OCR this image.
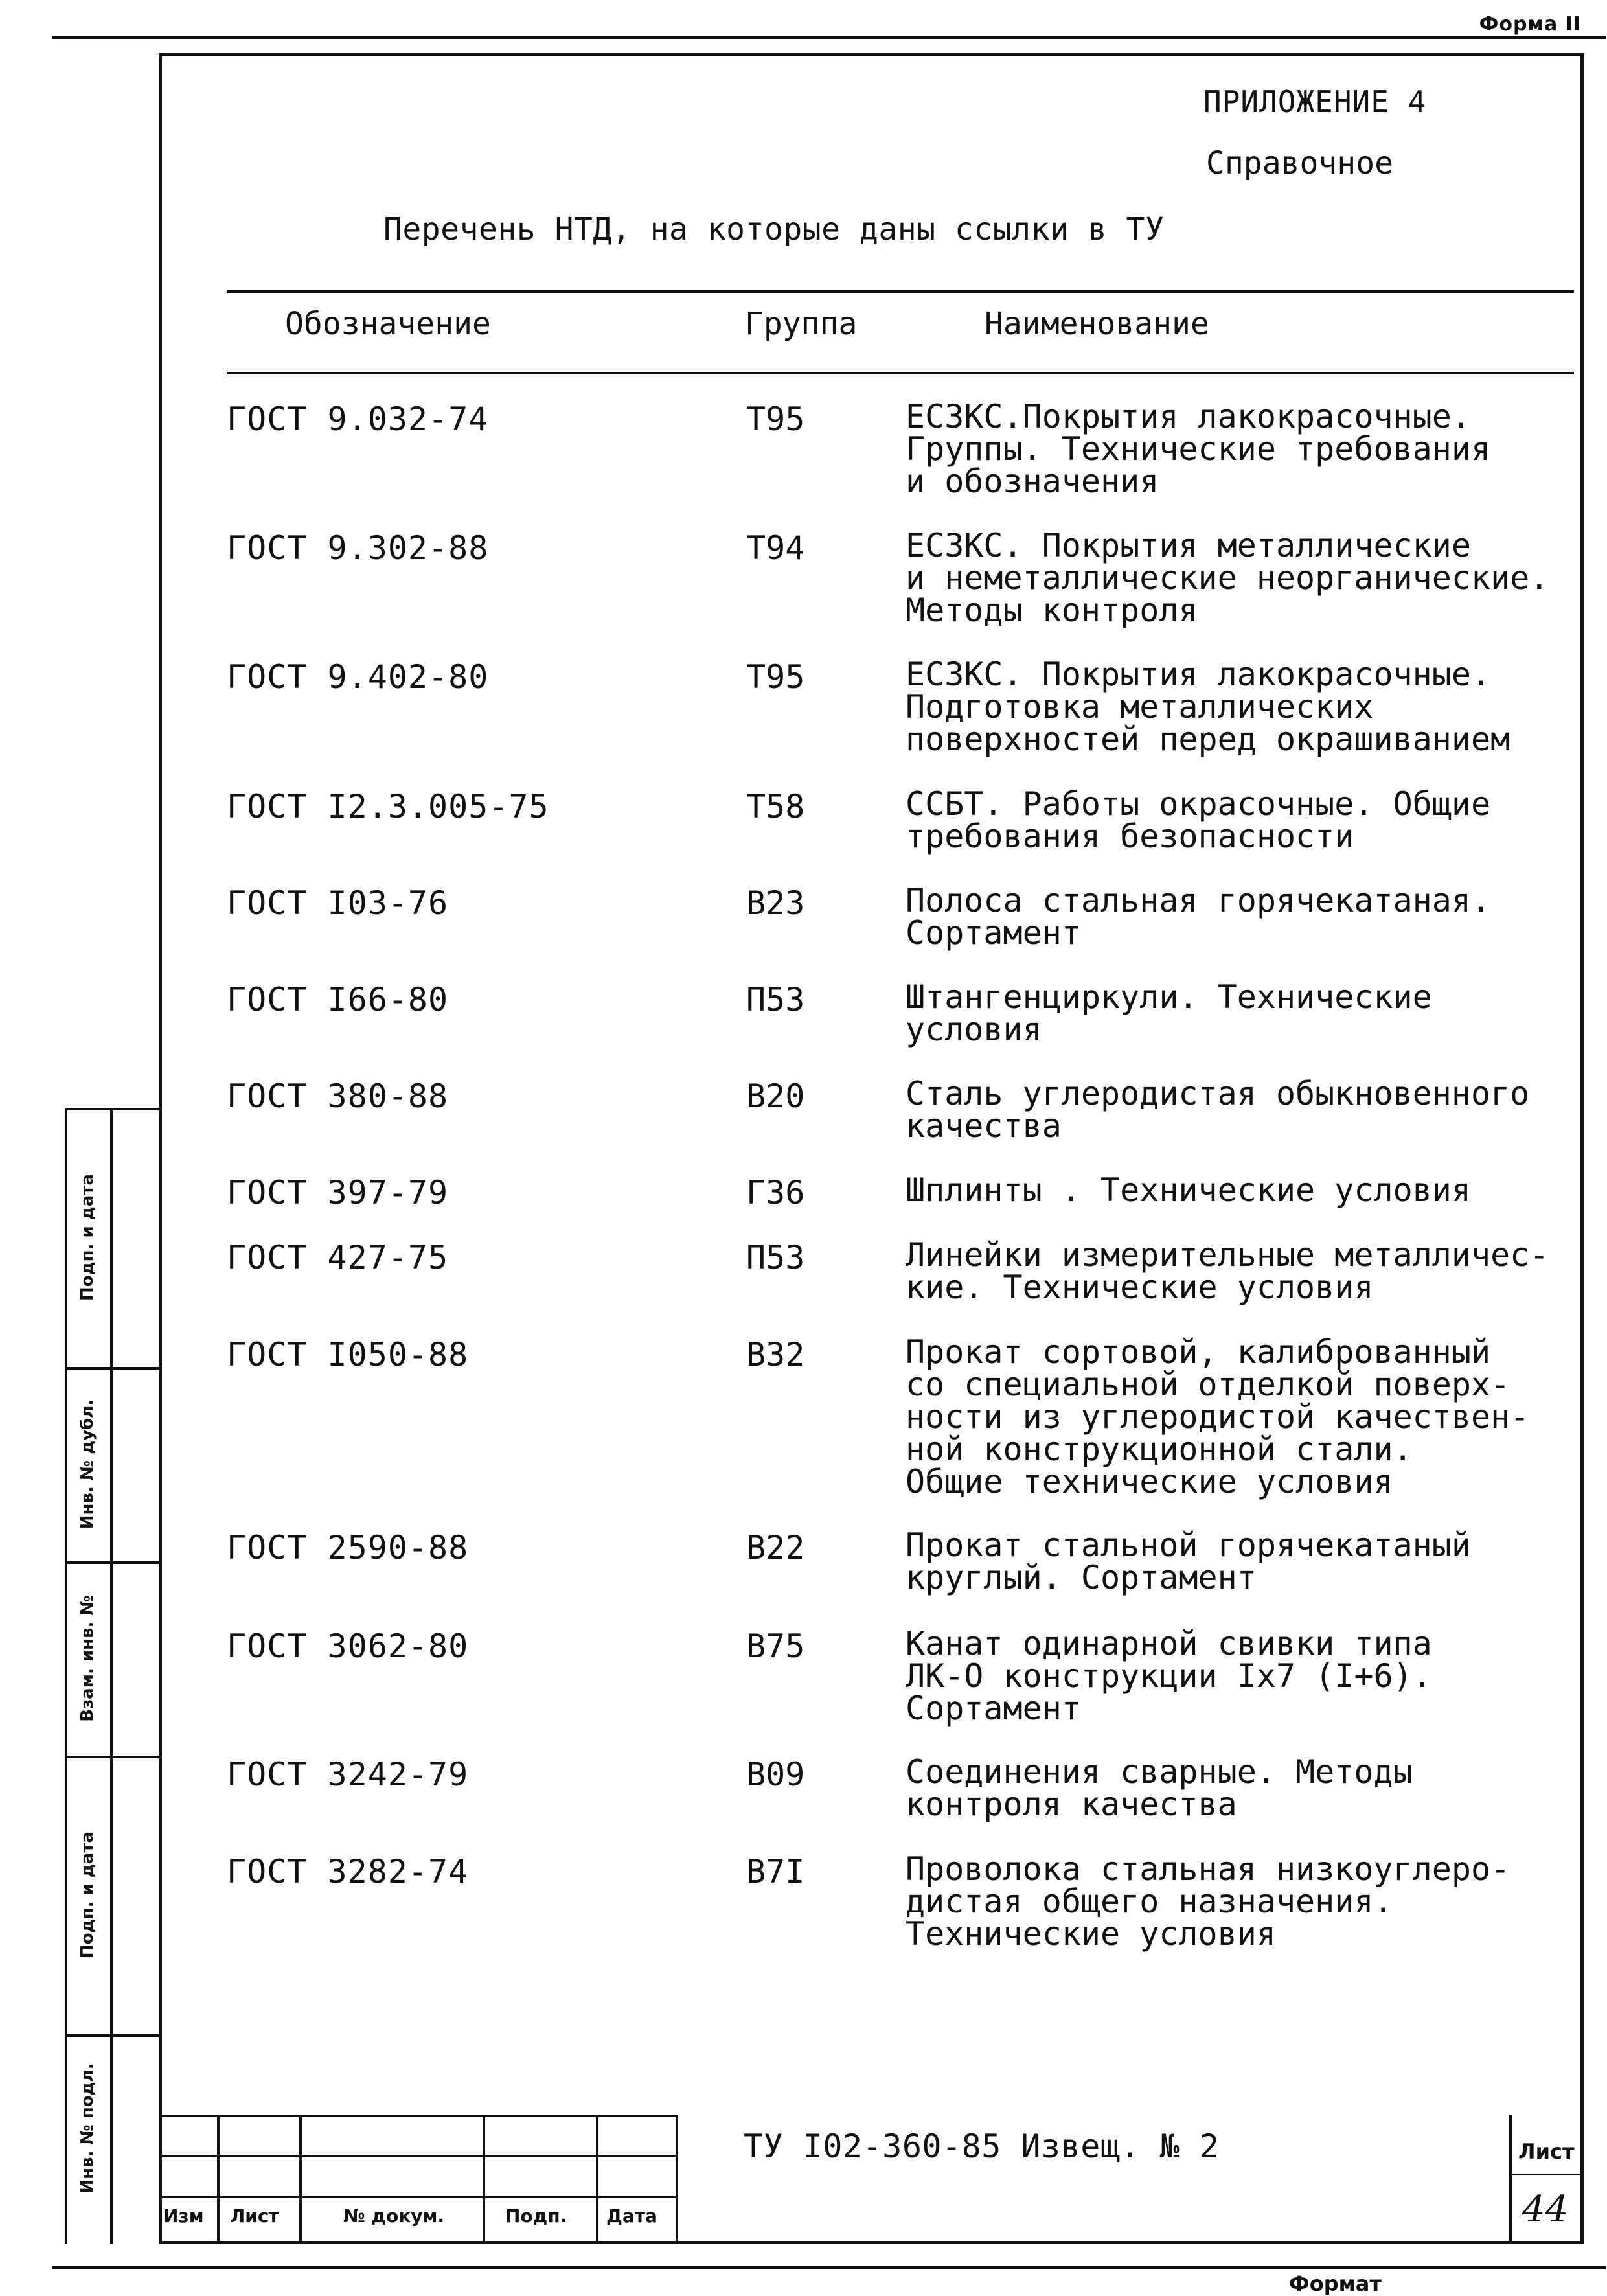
Форма II
ПРИЛОЖЕНИЕ 4
Справочное
Перечень НТД, на которые даны ссылки в ТУ
Обозначение	Группа	Наименование
ГОСТ 9.032-74	Т95	ЕСЗКС.Покрытия лакокрасочные.
Группы. Технические требования
и обозначения
ГОСТ 9.302-88	Т94	ЕСЗКС. Покрытия металлические
и неметаллические неорганические.
Методы контроля
ГОСТ 9.402-80	Т95	ЕСЗКС. Покрытия лакокрасочные.
Подготовка металлических
поверхностей перед окрашиванием
ГОСТ I2.3.005-75	Т58	ССБТ. Работы окрасочные. Общие
требования безопасности
ГОСТ I03-76	В23	Полоса стальная горячекатаная.
Сортамент
ГОСТ I66-80	П53	Штангенциркули. Технические
условия
ГОСТ 380-88	В20	Сталь углеродистая обыкновенного
качества
ГОСТ 397-79	Г36	Шплинты . Технические условия
ГОСТ 427-75	П53	Линейки измерительные металличес-
кие. Технические условия
ГОСТ I050-88	В32	Прокат сортовой, калиброванный
со специальной отделкой поверх-
ности из углеродистой качествен-
ной конструкционной стали.
Общие технические условия
ГОСТ 2590-88	В22	Прокат стальной горячекатаный
круглый. Сортамент
ГОСТ 3062-80	В75	Канат одинарной свивки типа
ЛК-О конструкции Iх7 (I+6).
Сортамент
ГОСТ 3242-79	В09	Соединения сварные. Методы
контроля качества
ГОСТ 3282-74	В7I	Проволока стальная низкоуглеро-
дистая общего назначения.
Технические условия
Инв. № подл.
Подп. и дата
Взам. инв. №
Инв. № дубл.
Подп. и дата
Изм Лист	№ докум.	Подп. Дата
ТУ I02-360-85 Извещ. № 2	Лист
44
Формат
